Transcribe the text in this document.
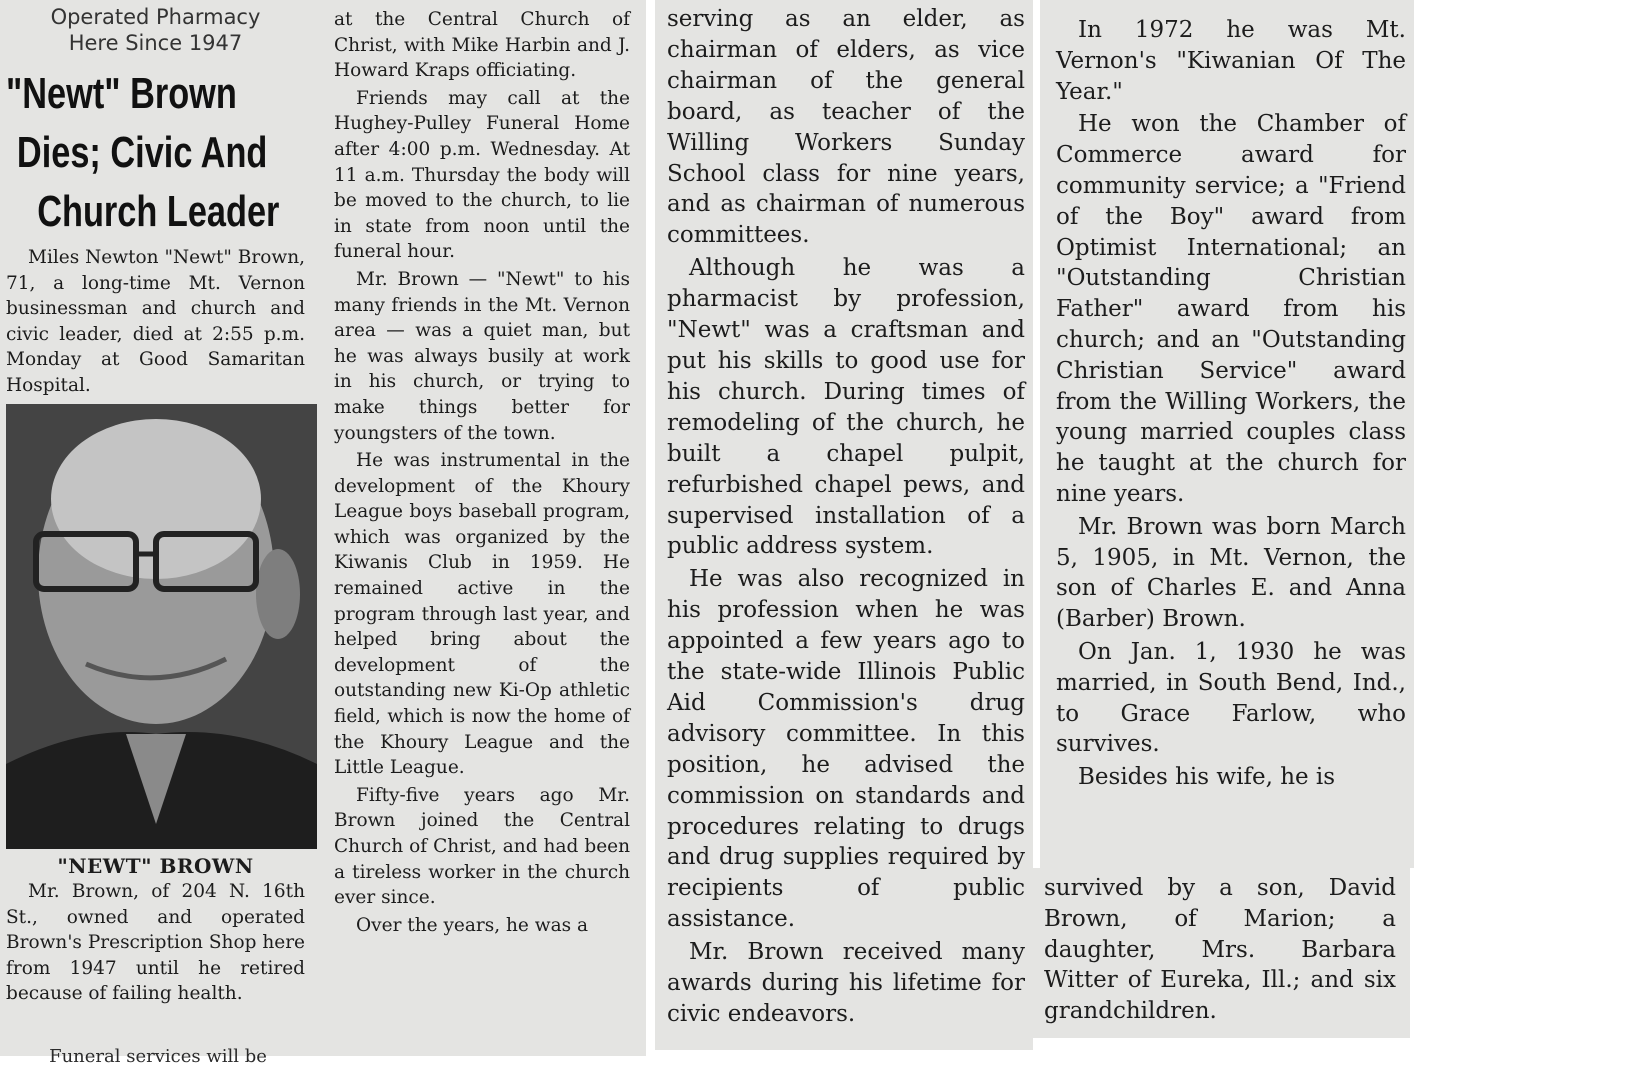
Operated Pharmacy
Here Since 1947
"Newt" Brown
Dies; Civic And
Church Leader

Miles Newton "Newt" Brown, 71, a long-time Mt. Vernon businessman and church and civic leader, died at 2:55 p.m. Monday at Good Samaritan Hospital.

"NEWT" BROWN

Mr. Brown, of 204 N. 16th St., owned and operated Brown's Prescription Shop here from 1947 until he retired because of failing health.

Funeral services will be

at the Central Church of Christ, with Mike Harbin and J. Howard Kraps officiating.

Friends may call at the Hughey-Pulley Funeral Home after 4:00 p.m. Wednesday. At 11 a.m. Thursday the body will be moved to the church, to lie in state from noon until the funeral hour.

Mr. Brown — "Newt" to his many friends in the Mt. Vernon area — was a quiet man, but he was always busily at work in his church, or trying to make things better for youngsters of the town.

He was instrumental in the development of the Khoury League boys baseball program, which was organized by the Kiwanis Club in 1959. He remained active in the program through last year, and helped bring about the development of the outstanding new Ki-Op athletic field, which is now the home of the Khoury League and the Little League.

Fifty-five years ago Mr. Brown joined the Central Church of Christ, and had been a tireless worker in the church ever since.

Over the years, he was a

serving as an elder, as chairman of elders, as vice chairman of the general board, as teacher of the Willing Workers Sunday School class for nine years, and as chairman of numerous committees.

Although he was a pharmacist by profession, "Newt" was a craftsman and put his skills to good use for his church. During times of remodeling of the church, he built a chapel pulpit, refurbished chapel pews, and supervised installation of a public address system.

He was also recognized in his profession when he was appointed a few years ago to the state-wide Illinois Public Aid Commission's drug advisory committee. In this position, he advised the commission on standards and procedures relating to drugs and drug supplies required by recipients of public assistance.

Mr. Brown received many awards during his lifetime for civic endeavors.

In 1972 he was Mt. Vernon's "Kiwanian Of The Year."

He won the Chamber of Commerce award for community service; a "Friend of the Boy" award from Optimist International; an "Outstanding Christian Father" award from his church; and an "Outstanding Christian Service" award from the Willing Workers, the young married couples class he taught at the church for nine years.

Mr. Brown was born March 5, 1905, in Mt. Vernon, the son of Charles E. and Anna (Barber) Brown.

On Jan. 1, 1930 he was married, in South Bend, Ind., to Grace Farlow, who survives.

Besides his wife, he is

survived by a son, David Brown, of Marion; a daughter, Mrs. Barbara Witter of Eureka, Ill.; and six grandchildren.
